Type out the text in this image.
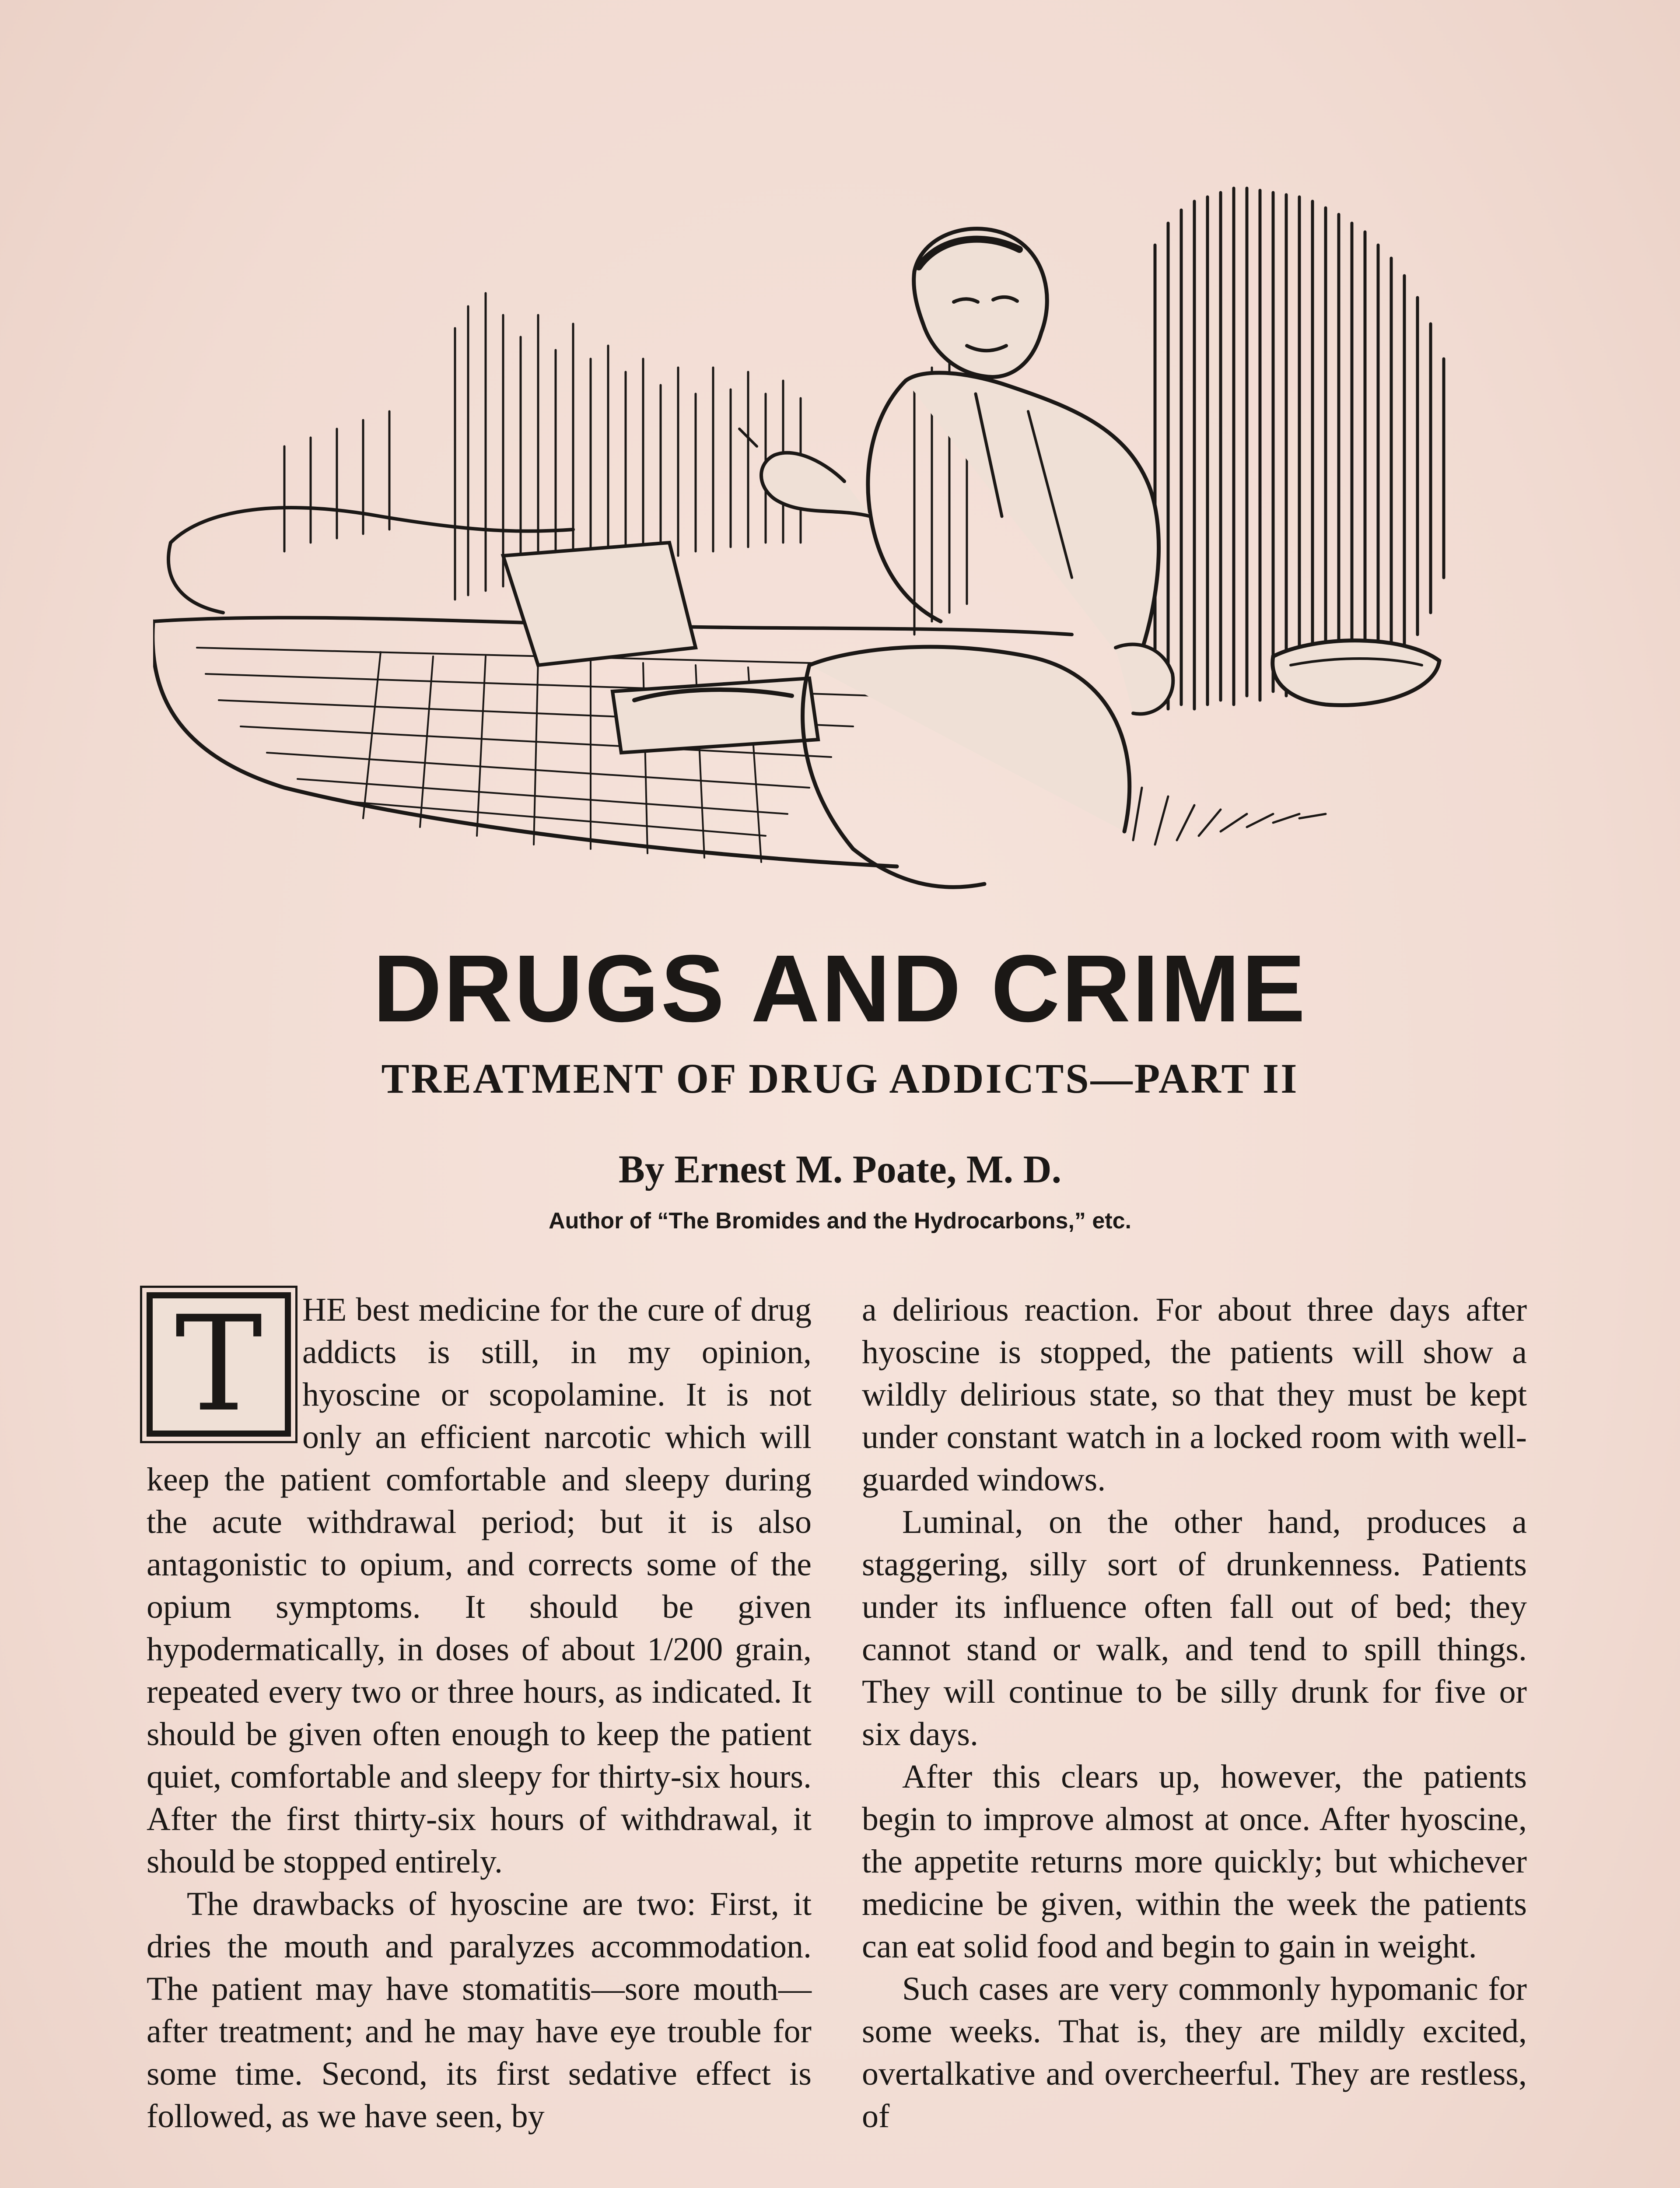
DRUGS AND CRIME
TREATMENT OF DRUG ADDICTS—PART II
By Ernest M. Poate, M. D.
Author of “The Bromides and the Hydrocarbons,” etc.
T	HE best medicine for the cure of drug addicts is still, in my opinion, hyoscine or scopolamine. It is not only an efficient narcotic which will keep the patient comfortable and sleepy during the acute withdrawal period; but it is also antagonistic to opium, and corrects some of the opium symptoms. It should be given hypodermatically, in doses of about 1/200 grain, repeated every two or three hours, as indicated. It should be given often enough to keep the patient quiet, comfortable and sleepy for thirty-six hours. After the first thirty-six hours of withdrawal, it should be stopped entirely.

The drawbacks of hyoscine are two: First, it dries the mouth and paralyzes accommodation. The patient may have stomatitis—sore mouth—after treatment; and he may have eye trouble for some time. Second, its first sedative effect is followed, as we have seen, by

a delirious reaction. For about three days after hyoscine is stopped, the patients will show a wildly delirious state, so that they must be kept under constant watch in a locked room with well-guarded windows.

Luminal, on the other hand, produces a staggering, silly sort of drunkenness. Patients under its influence often fall out of bed; they cannot stand or walk, and tend to spill things. They will continue to be silly drunk for five or six days.

After this clears up, however, the patients begin to improve almost at once. After hyoscine, the appetite returns more quickly; but whichever medicine be given, within the week the patients can eat solid food and begin to gain in weight.

Such cases are very commonly hypomanic for some weeks. That is, they are mildly excited, overtalkative and overcheerful. They are restless, of
